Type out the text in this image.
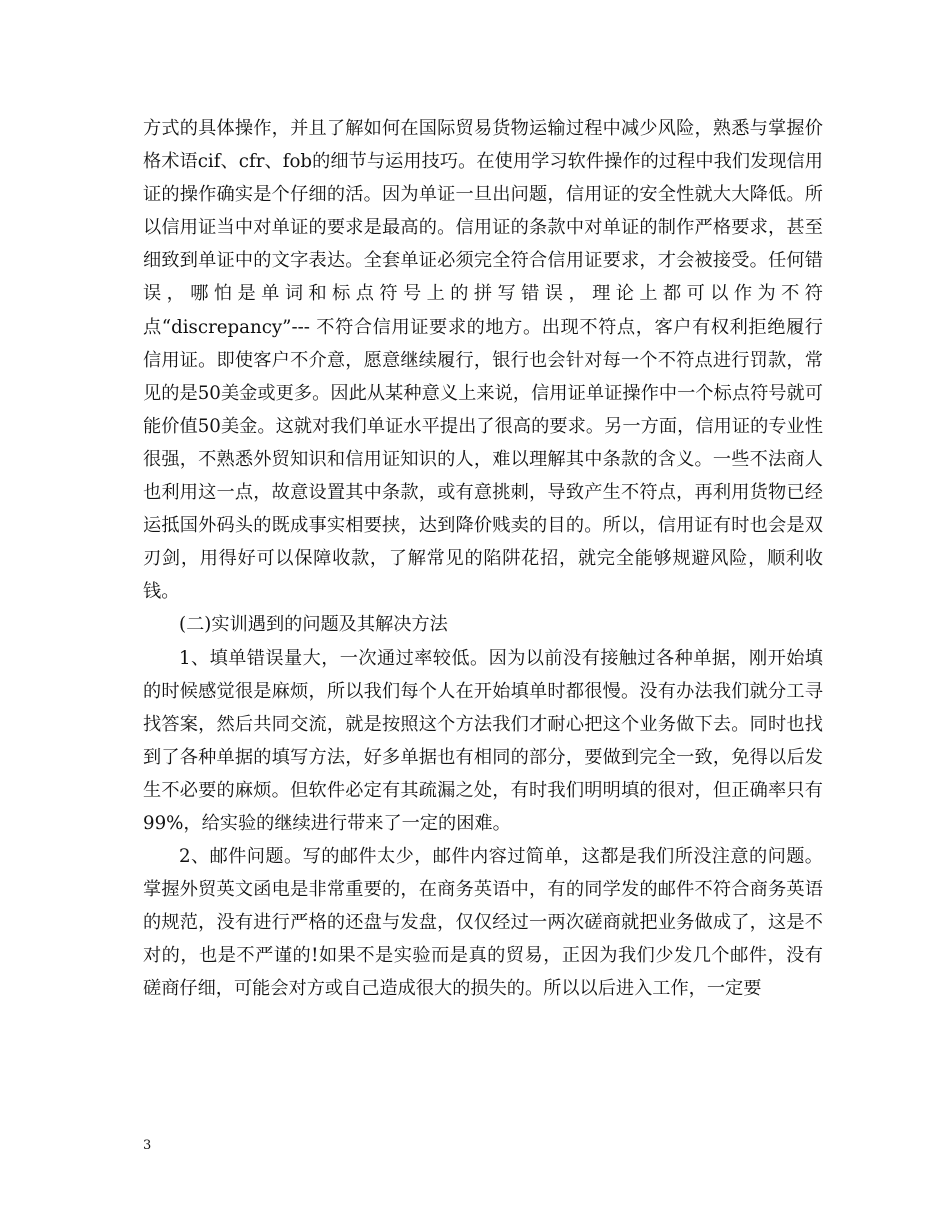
方式的具体操作，并且了解如何在国际贸易货物运输过程中减少风险，熟悉与掌握价格术语cif、cfr、fob的细节与运用技巧。在使用学习软件操作的过程中我们发现信用证的操作确实是个仔细的活。因为单证一旦出问题，信用证的安全性就大大降低。所以信用证当中对单证的要求是最高的。信用证的条款中对单证的制作严格要求，甚至细致到单证中的文字表达。全套单证必须完全符合信用证要求，才会被接受。任何错误，哪怕是单词和标点符号上的拼写错误，理论上都可以作为不符点“discrepancy”--- 不符合信用证要求的地方。出现不符点，客户有权利拒绝履行信用证。即使客户不介意，愿意继续履行，银行也会针对每一个不符点进行罚款，常见的是50美金或更多。因此从某种意义上来说，信用证单证操作中一个标点符号就可能价值50美金。这就对我们单证水平提出了很高的要求。另一方面，信用证的专业性很强，不熟悉外贸知识和信用证知识的人，难以理解其中条款的含义。一些不法商人也利用这一点，故意设置其中条款，或有意挑刺，导致产生不符点，再利用货物已经运抵国外码头的既成事实相要挟，达到降价贱卖的目的。所以，信用证有时也会是双刃剑，用得好可以保障收款，了解常见的陷阱花招，就完全能够规避风险，顺利收钱。

(二)实训遇到的问题及其解决方法

1、填单错误量大，一次通过率较低。因为以前没有接触过各种单据，刚开始填的时候感觉很是麻烦，所以我们每个人在开始填单时都很慢。没有办法我们就分工寻找答案，然后共同交流，就是按照这个方法我们才耐心把这个业务做下去。同时也找到了各种单据的填写方法，好多单据也有相同的部分，要做到完全一致，免得以后发生不必要的麻烦。但软件必定有其疏漏之处，有时我们明明填的很对，但正确率只有99%，给实验的继续进行带来了一定的困难。

2、邮件问题。写的邮件太少，邮件内容过简单，这都是我们所没注意的问题。掌握外贸英文函电是非常重要的，在商务英语中，有的同学发的邮件不符合商务英语的规范，没有进行严格的还盘与发盘，仅仅经过一两次磋商就把业务做成了，这是不对的，也是不严谨的!如果不是实验而是真的贸易，正因为我们少发几个邮件，没有磋商仔细，可能会对方或自己造成很大的损失的。所以以后进入工作，一定要

3
